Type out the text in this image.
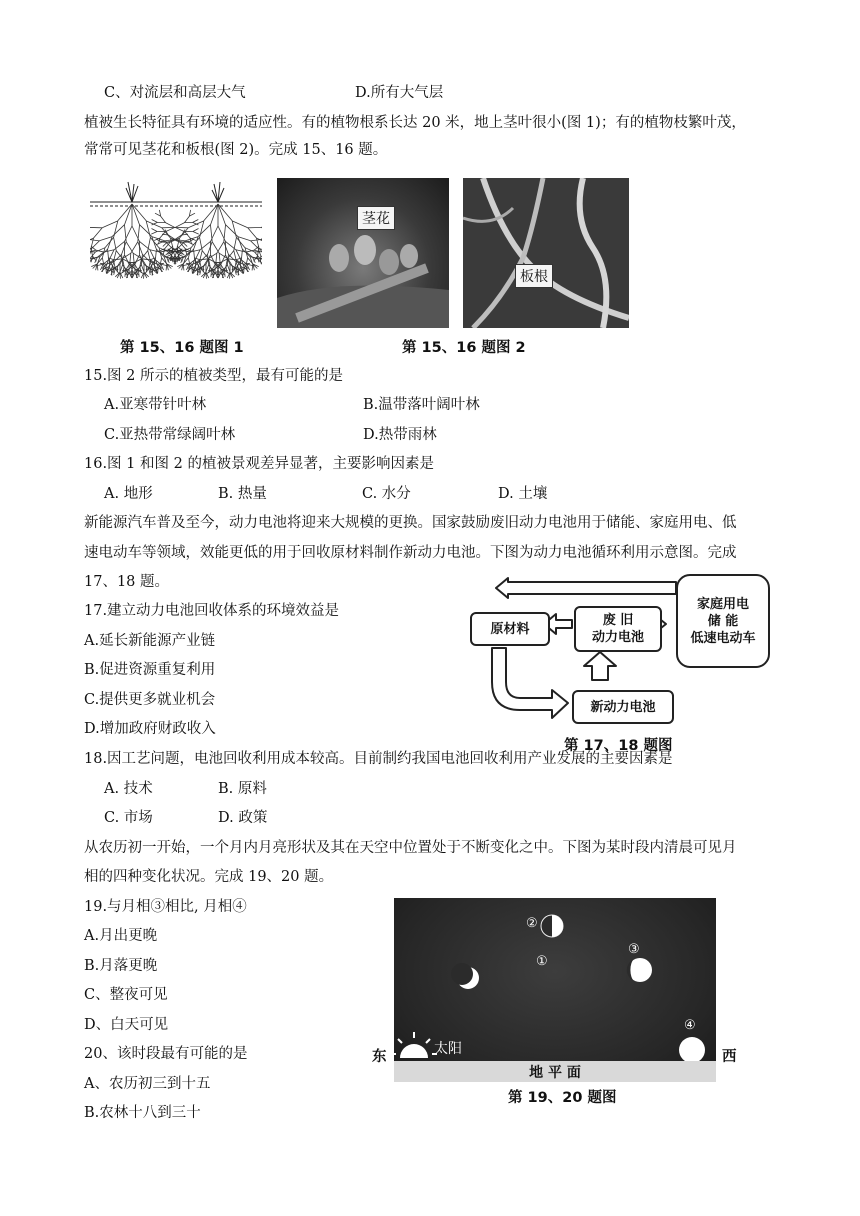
C、对流层和高层大气	D.所有大气层
植被生长特征具有环境的适应性。有的植物根系长达 20 米，地上茎叶很小(图 1)；有的植物枝繁叶茂，
常常可见茎花和板根(图 2)。完成 15、16 题。
茎花
板根
第 15、16 题图 1	第 15、16 题图 2
15.图 2 所示的植被类型，最有可能的是
A.亚寒带针叶林	B.温带落叶阔叶林
C.亚热带常绿阔叶林	D.热带雨林
16.图 1 和图 2 的植被景观差异显著，主要影响因素是
A. 地形	B. 热量	C. 水分	D. 土壤
新能源汽车普及至今，动力电池将迎来大规模的更换。国家鼓励废旧动力电池用于储能、家庭用电、低
速电动车等领域，效能更低的用于回收原材料制作新动力电池。下图为动力电池循环利用示意图。完成
17、18 题。
17.建立动力电池回收体系的环境效益是
A.延长新能源产业链
B.促进资源重复利用
C.提供更多就业机会
D.增加政府财政收入
原材料
废 旧
动力电池
家庭用电
储 能
低速电动车
新动力电池
第 17、18 题图
18.因工艺问题，电池回收利用成本较高。目前制约我国电池回收利用产业发展的主要因素是
A. 技术	B. 原料
C. 市场	D. 政策
从农历初一开始，一个月内月亮形状及其在天空中位置处于不断变化之中。下图为某时段内清晨可见月
相的四种变化状况。完成 19、20 题。
19.与月相③相比, 月相④
A.月出更晚
B.月落更晚
C、整夜可见
D、白天可见
20、该时段最有可能的是
A、农历初三到十五
B.农林十八到三十
①
②
③
④
太阳
地 平 面
东	西
第 19、20 题图
